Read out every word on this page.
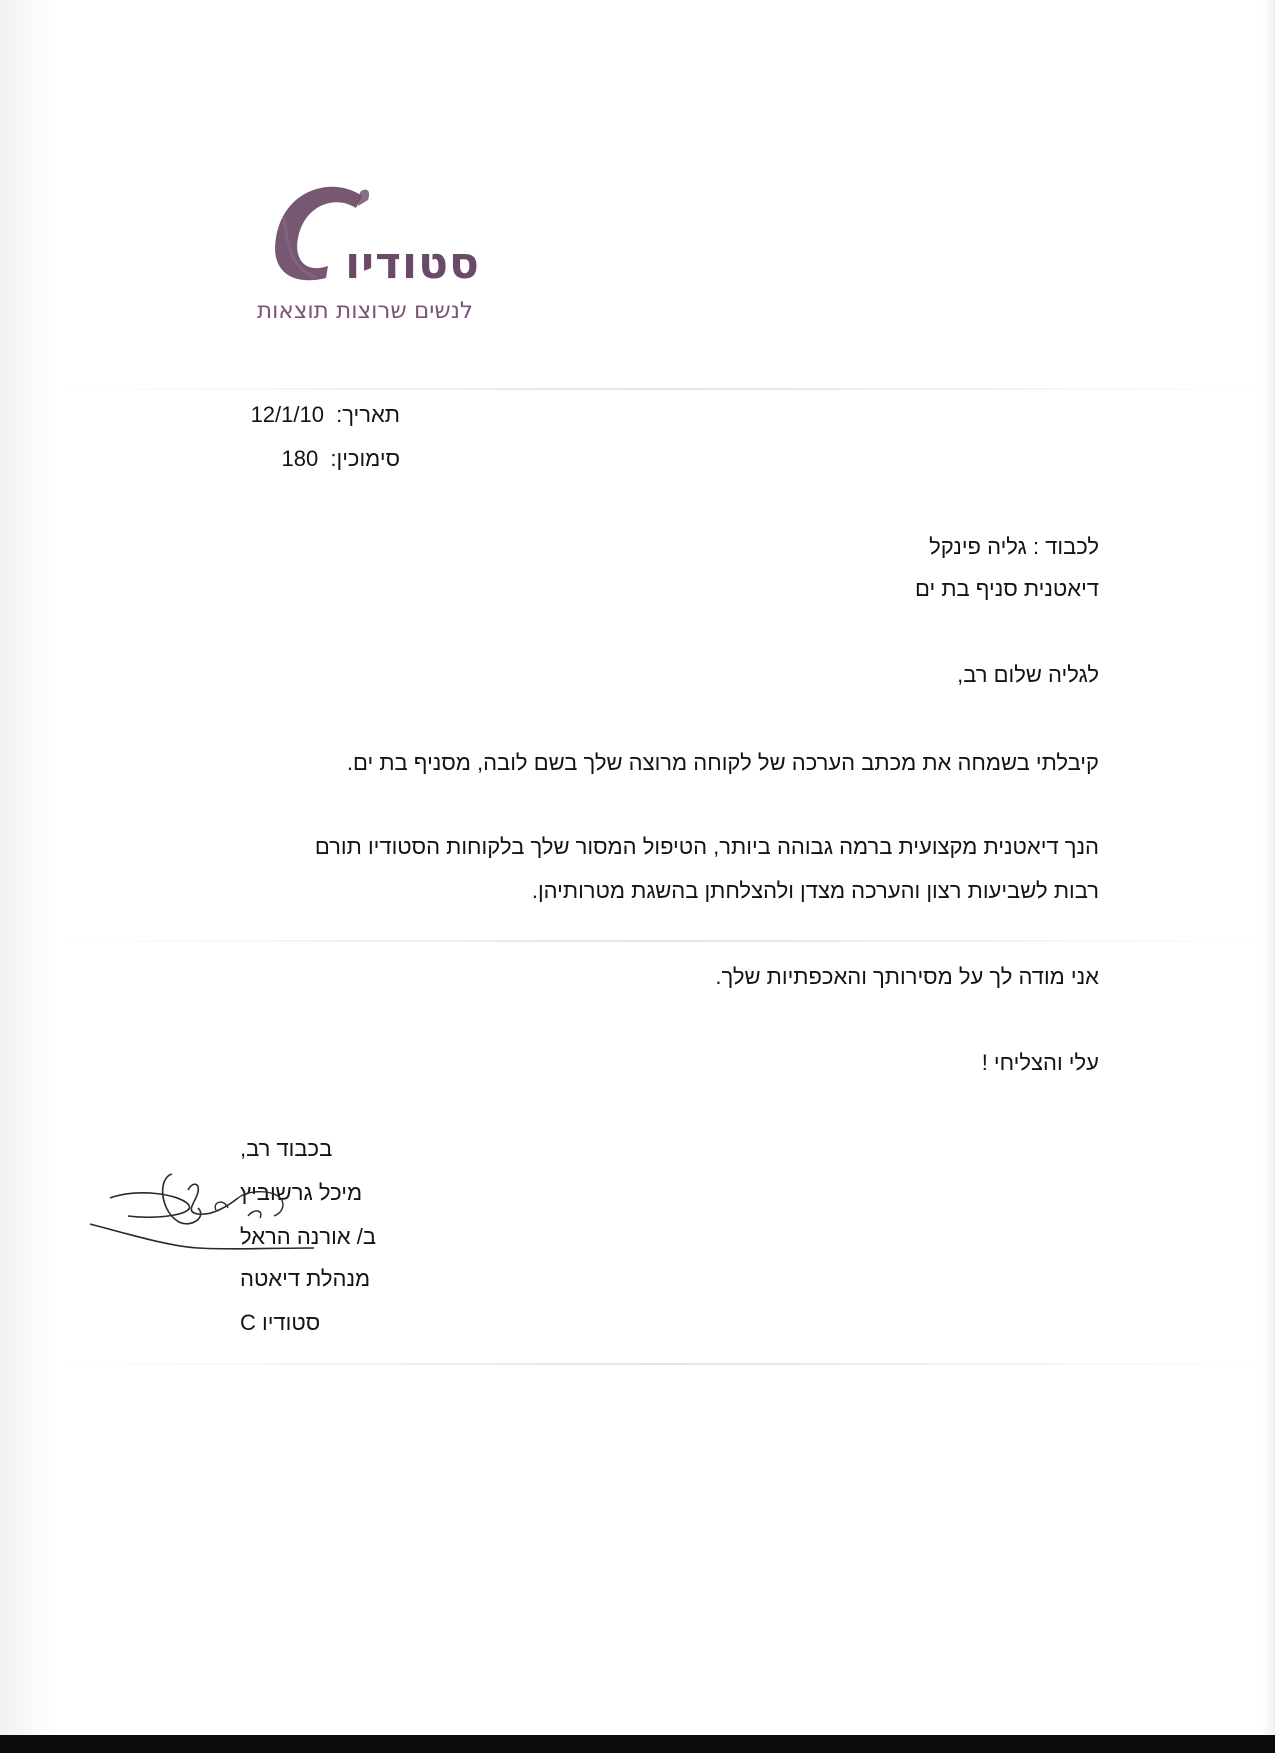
סטודיו
לנשים שרוצות תוצאות
תאריך: 12/1/10
סימוכין: 180
לכבוד : גליה פינקל
דיאטנית סניף בת ים
לגליה שלום רב,
קיבלתי בשמחה את מכתב הערכה של לקוחה מרוצה שלך בשם לובה, מסניף בת ים.
הנך דיאטנית מקצועית ברמה גבוהה ביותר, הטיפול המסור שלך בלקוחות הסטודיו תורם
רבות לשביעות רצון והערכה מצדן ולהצלחתן בהשגת מטרותיהן.
אני מודה לך על מסירותך והאכפתיות שלך.
עלי והצליחי !
בכבוד רב,
מיכל גרשוביץ
ב/ אורנה הראל
מנהלת דיאטה
סטודיו C
